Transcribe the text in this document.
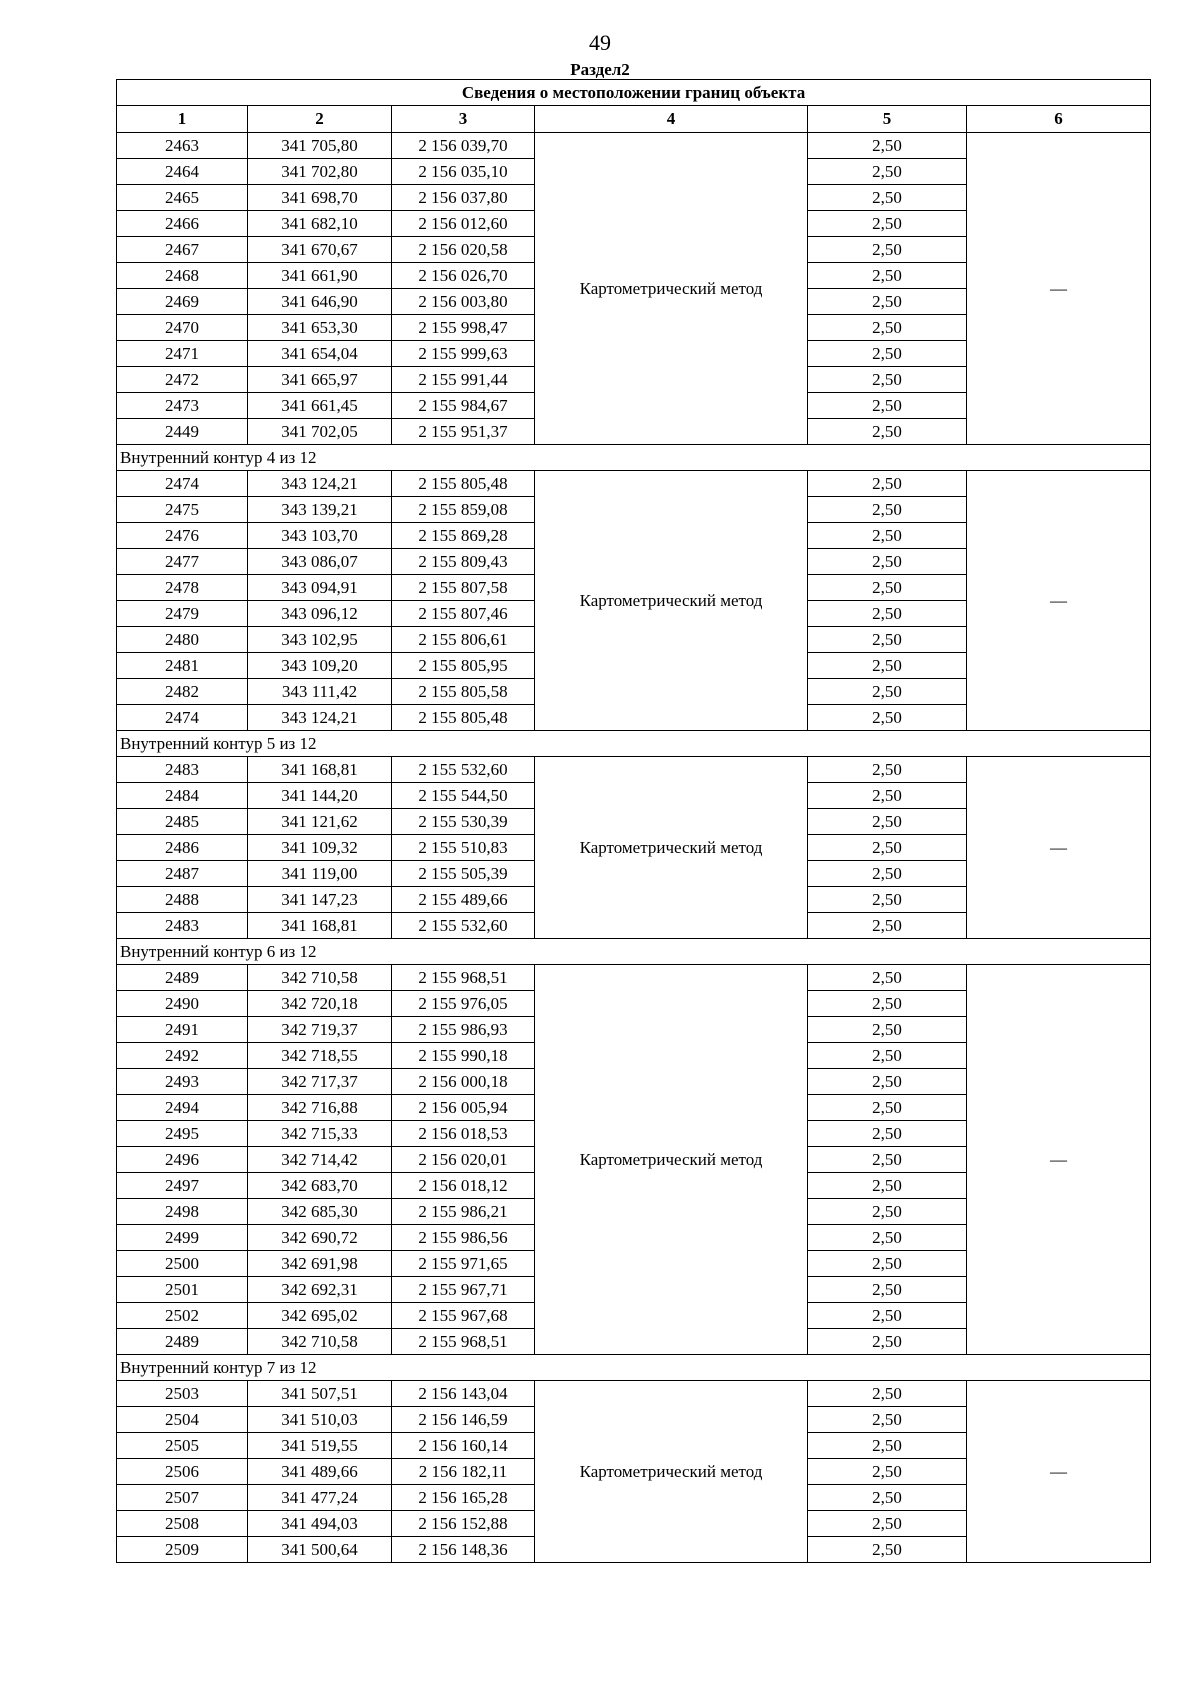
49
Раздел2
Сведения о местоположении границ объекта					
1	2	3	4	5	6
2463	341 705,80	2 156 039,70	Картометрический метод	2,50	—
2464	341 702,80	2 156 035,10		2,50	
2465	341 698,70	2 156 037,80		2,50	
2466	341 682,10	2 156 012,60		2,50	
2467	341 670,67	2 156 020,58		2,50	
2468	341 661,90	2 156 026,70		2,50	
2469	341 646,90	2 156 003,80		2,50	
2470	341 653,30	2 155 998,47		2,50	
2471	341 654,04	2 155 999,63		2,50	
2472	341 665,97	2 155 991,44		2,50	
2473	341 661,45	2 155 984,67		2,50	
2449	341 702,05	2 155 951,37		2,50	
Внутренний контур 4 из 12					
2474	343 124,21	2 155 805,48	Картометрический метод	2,50	—
2475	343 139,21	2 155 859,08		2,50	
2476	343 103,70	2 155 869,28		2,50	
2477	343 086,07	2 155 809,43		2,50	
2478	343 094,91	2 155 807,58		2,50	
2479	343 096,12	2 155 807,46		2,50	
2480	343 102,95	2 155 806,61		2,50	
2481	343 109,20	2 155 805,95		2,50	
2482	343 111,42	2 155 805,58		2,50	
2474	343 124,21	2 155 805,48		2,50	
Внутренний контур 5 из 12					
2483	341 168,81	2 155 532,60	Картометрический метод	2,50	—
2484	341 144,20	2 155 544,50		2,50	
2485	341 121,62	2 155 530,39		2,50	
2486	341 109,32	2 155 510,83		2,50	
2487	341 119,00	2 155 505,39		2,50	
2488	341 147,23	2 155 489,66		2,50	
2483	341 168,81	2 155 532,60		2,50	
Внутренний контур 6 из 12					
2489	342 710,58	2 155 968,51	Картометрический метод	2,50	—
2490	342 720,18	2 155 976,05		2,50	
2491	342 719,37	2 155 986,93		2,50	
2492	342 718,55	2 155 990,18		2,50	
2493	342 717,37	2 156 000,18		2,50	
2494	342 716,88	2 156 005,94		2,50	
2495	342 715,33	2 156 018,53		2,50	
2496	342 714,42	2 156 020,01		2,50	
2497	342 683,70	2 156 018,12		2,50	
2498	342 685,30	2 155 986,21		2,50	
2499	342 690,72	2 155 986,56		2,50	
2500	342 691,98	2 155 971,65		2,50	
2501	342 692,31	2 155 967,71		2,50	
2502	342 695,02	2 155 967,68		2,50	
2489	342 710,58	2 155 968,51		2,50	
Внутренний контур 7 из 12					
2503	341 507,51	2 156 143,04	Картометрический метод	2,50	—
2504	341 510,03	2 156 146,59		2,50	
2505	341 519,55	2 156 160,14		2,50	
2506	341 489,66	2 156 182,11		2,50	
2507	341 477,24	2 156 165,28		2,50	
2508	341 494,03	2 156 152,88		2,50	
2509	341 500,64	2 156 148,36		2,50	
